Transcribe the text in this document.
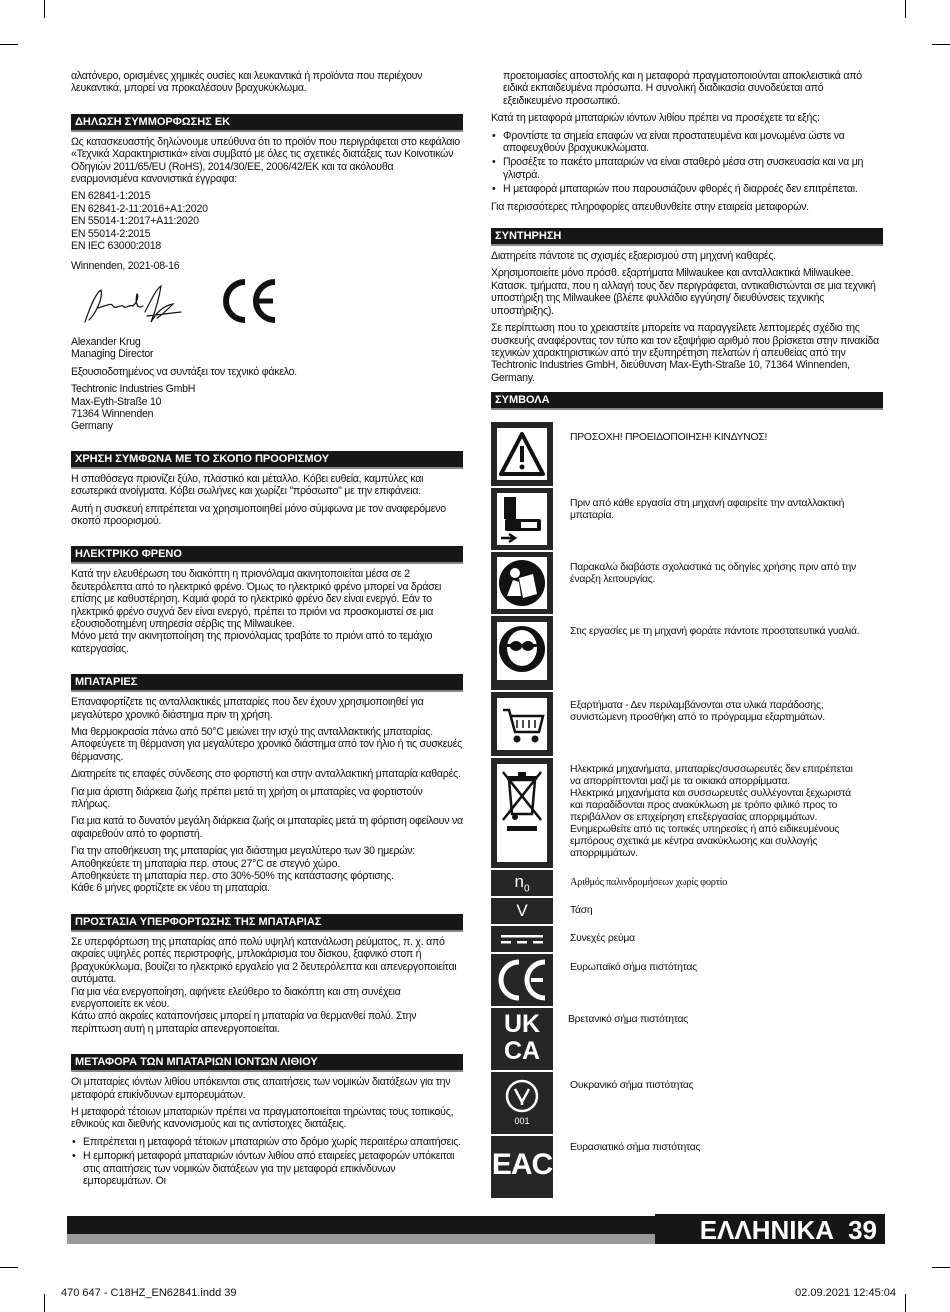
αλατόνερο, ορισμένες χημικές ουσίες και λευκαντικά ή προϊόντα που περιέχουν λευκαντικά, μπορεί να προκαλέσουν βραχυκύκλωμα.

ΔΗΛΩΣΗ ΣΥΜΜΟΡΦΩΣΗΣ ΕΚ

Ως κατασκευαστής δηλώνουμε υπεύθυνα ότι το προϊόν που περιγράφεται στο κεφάλαιο «Τεχνικά Χαρακτηριστικά» είναι συμβατό με όλες τις σχετικές διατάξεις των Κοινοτικών Οδηγιών 2011/65/EU (RoHS), 2014/30/ΕΕ, 2006/42/ΕΚ και τα ακόλουθα εναρμονισμένα κανονιστικά έγγραφα:

EN 62841-1:2015
EN 62841-2-11:2016+A1:2020
EN 55014-1:2017+A11:2020
EN 55014-2:2015
EN IEC 63000:2018

Winnenden, 2021-08-16

Alexander Krug
Managing Director

Εξουσιοδοτημένος να συντάξει τον τεχνικό φάκελο.

Techtronic Industries GmbH
Max-Eyth-Straße 10
71364 Winnenden
Germany
ΧΡΗΣΗ ΣΥΜΦΩΝΑ ΜΕ ΤΟ ΣΚΟΠΟ ΠΡΟΟΡΙΣΜΟΥ

Η σπαθόσεγα πριονίζει ξύλο, πλαστικό και μέταλλο. Κόβει ευθεία, καμπύλες και εσωτερικά ανοίγματα. Κόβει σωλήνες και χωρίζει "πρόσωπο" με την επιφάνεια.

Αυτή η συσκευή επιτρέπεται να χρησιμοποιηθεί μόνο σύμφωνα με τον αναφερόμενο σκοπό προορισμού.

ΗΛΕΚΤΡΙΚΟ ΦΡΕΝΟ
Κατά την ελευθέρωση του διακόπτη η πριονόλαμα ακινητοποιείται μέσα σε 2 δευτερόλεπτα από το ηλεκτρικό φρένο. Όμως το ηλεκτρικό φρένο μπορεί να δράσει επίσης με καθυστέρηση. Καμιά φορά το ηλεκτρικό φρένο δεν είναι ενεργό. Εάν το ηλεκτρικό φρένο συχνά δεν είναι ενεργό, πρέπει το πριόνι να προσκομιστεί σε μια εξουσιοδοτημένη υπηρεσία σέρβις της Milwaukee.

Μόνο μετά την ακινητοποίηση της πριονόλαμας τραβάτε το πριόνι από το τεμάχιο κατεργασίας.

ΜΠΑΤΑΡΙΕΣ

Επαναφορτίζετε τις ανταλλακτικές μπαταρίες που δεν έχουν χρησιμοποιηθεί για μεγαλύτερο χρονικό διάστημα πριν τη χρήση.

Μια θερμοκρασία πάνω από 50°C μειώνει την ισχύ της ανταλλακτικής μπαταρίας. Αποφεύγετε τη θέρμανση για μεγαλύτερο χρονικό διάστημα από τον ήλιο ή τις συσκευές θέρμανσης.

Διατηρείτε τις επαφές σύνδεσης στο φορτιστή και στην ανταλλακτική μπαταρία καθαρές.

Για μια άριστη διάρκεια ζωής πρέπει μετά τη χρήση οι μπαταρίες να φορτιστούν πλήρως.

Για μια κατά το δυνατόν μεγάλη διάρκεια ζωής οι μπαταρίες μετά τη φόρτιση οφείλουν να αφαιρεθούν από το φορτιστή.

Για την αποθήκευση της μπαταρίας για διάστημα μεγαλύτερο των 30 ημερών:
Αποθηκεύετε τη μπαταρία περ. στους 27°C σε στεγνό χώρο.
Αποθηκεύετε τη μπαταρία περ. στο 30%-50% της κατάστασης φόρτισης.

Κάθε 6 μήνες φορτίζετε εκ νέου τη μπαταρία.

ΠΡΟΣΤΑΣΙΑ ΥΠΕΡΦΟΡΤΩΣΗΣ ΤΗΣ ΜΠΑΤΑΡΙΑΣ
Σε υπερφόρτωση της μπαταρίας από πολύ υψηλή κατανάλωση ρεύματος, π. χ. από ακραίες υψηλές ροπές περιστροφής, μπλοκάρισμα του δίσκου, ξαφνικό στοπ ή βραχυκύκλωμα, βουίζει το ηλεκτρικό εργαλείο για 2 δευτερόλεπτα και απενεργοποιείται αυτόματα.
Για μια νέα ενεργοποίηση, αφήνετε ελεύθερο το διακόπτη και στη συνέχεια ενεργοποιείτε εκ νέου.

Κάτω από ακραίες καταπονήσεις μπορεί η μπαταρία να θερμανθεί πολύ. Στην περίπτωση αυτή η μπαταρία απενεργοποιείται.

ΜΕΤΑΦΟΡΑ ΤΩΝ ΜΠΑΤΑΡΙΩΝ ΙΟΝΤΩΝ ΛΙΘΙΟΥ

Οι μπαταρίες ιόντων λιθίου υπόκεινται στις απαιτήσεις των νομικών διατάξεων για την μεταφορά επικίνδυνων εμπορευμάτων.

Η μεταφορά τέτοιων μπαταριών πρέπει να πραγματοποιείται τηρώντας τους τοπικούς, εθνικούς και διεθνής κανονισμούς και τις αντίστοιχες διατάξεις.

• Επιτρέπεται η μεταφορά τέτοιων μπαταριών στο δρόμο χωρίς περαιτέρω απαιτήσεις.
• Η εμπορική μεταφορά μπαταριών ιόντων λιθίου από εταιρείες μεταφορών υπόκειται στις απαιτήσεις των νομικών διατάξεων για την μεταφορά επικίνδυνων εμπορευμάτων. Οι

προετοιμασίες αποστολής και η μεταφορά πραγματοποιούνται αποκλειστικά από ειδικά εκπαιδευμένα πρόσωπα. Η συνολική διαδικασία συνοδεύεται από εξειδικευμένο προσωπικό.

Κατά τη μεταφορά μπαταριών ιόντων λιθίου πρέπει να προσέχετε τα εξής:

• Φροντίστε τα σημεία επαφών να είναι προστατευμένα και μονωμένα ώστε να αποφευχθούν βραχυκυκλώματα.
• Προσέξτε το πακέτο μπαταριών να είναι σταθερό μέσα στη συσκευασία και να μη γλιστρά.
• Η μεταφορά μπαταριών που παρουσιάζουν φθορές ή διαρροές δεν επιτρέπεται.

Για περισσότερες πληροφορίες απευθυνθείτε στην εταιρεία μεταφορών.

ΣΥΝΤΗΡΗΣΗ

Διατηρείτε πάντοτε τις σχισμές εξαερισμού στη μηχανή καθαρές.

Χρησιμοποιείτε μόνο πρόσθ. εξαρτήματα Milwaukee και ανταλλακτικά Milwaukee. Κατασκ. τμήματα, που η αλλαγή τους δεν περιγράφεται, αντικαθιστώνται σε μια τεχνική υποστήριξη της Milwaukee (βλέπε φυλλάδιο εγγύηση/ διευθύνσεις τεχνικής υποστήριξης).

Σε περίπτωση που το χρειαστείτε μπορείτε να παραγγείλετε λεπτομερές σχέδιο της συσκευής αναφέροντας τον τύπο και τον εξαψήφιο αριθμό που βρίσκεται στην πινακίδα τεχνικών χαρακτηριστικών από την εξυπηρέτηση πελατών ή απευθείας από την Techtronic Industries GmbH, διεύθυνση Max-Eyth-Straße 10, 71364 Winnenden, Germany.

ΣΥΜΒΟΛΑ
ΠΡΟΣΟΧΗ! ΠΡΟΕΙΔΟΠΟΙΗΣΗ! ΚΙΝΔΥΝΟΣ!
Πριν από κάθε εργασία στη μηχανή αφαιρείτε την ανταλλακτική μπαταρία.
Παρακαλώ διαβάστε σχολαστικά τις οδηγίες χρήσης πριν από την έναρξη λειτουργίας.
Στις εργασίες με τη μηχανή φοράτε πάντοτε προστατευτικά γυαλιά.
Εξαρτήματα - Δεν περιλαμβάνονται στα υλικά παράδοσης, συνιστώμενη προσθήκη από το πρόγραμμα εξαρτημάτων.
Ηλεκτρικά μηχανήματα, μπαταρίες/συσσωρευτές δεν επιτρέπεται να απορρίπτονται μαζί με τα οικιακά απορρίμματα.
Ηλεκτρικά μηχανήματα και συσσωρευτές συλλέγονται ξεχωριστά και παραδίδονται προς ανακύκλωση με τρόπο φιλικό προς το περιβάλλον σε επιχείρηση επεξεργασίας απορριμμάτων.
Ενημερωθείτε από τις τοπικές υπηρεσίες ή από ειδικευμένους εμπόρους σχετικά με κέντρα ανακύκλωσης και συλλογής απορριμμάτων.
$n_0$
Αριθμός παλινδρομήσεων χωρίς φορτίο
V	Τάση
Συνεχές ρεύμα
Ευρωπαϊκό σήμα πιστότητας
UK CA
Βρετανικό σήμα πιστότητας
001
Ουκρανικό σήμα πιστότητας
EAC
Ευρασιατικό σήμα πιστότητας
ΕΛΛΗΝΙΚΑ 39
470 647 - C18HZ_EN62841.indd 39	02.09.2021 12:45:04
